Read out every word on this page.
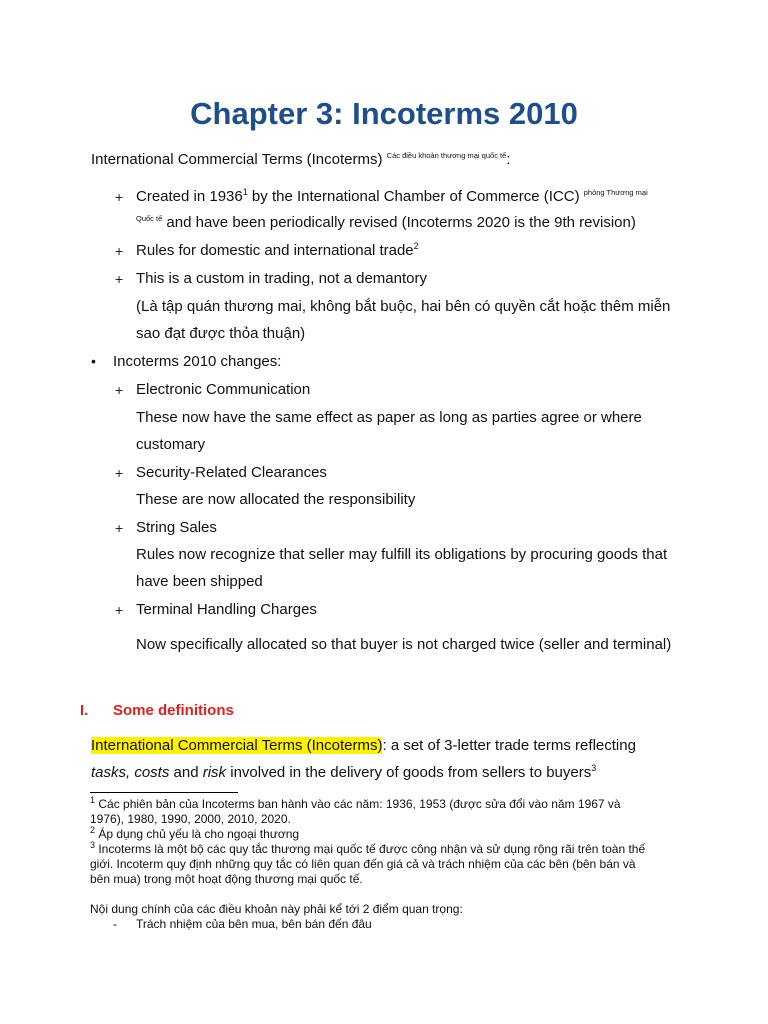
Chapter 3: Incoterms 2010
International Commercial Terms (Incoterms) $^{Các điều khoản thương mại quốc tế}$:
+ Created in 1936$^1$ by the International Chamber of Commerce (ICC) $^{phòng Thương mại}$
$^{Quốc tế}$ and have been periodically revised (Incoterms 2020 is the 9th revision)
+ Rules for domestic and international trade$^2$
+ This is a custom in trading, not a demantory
(Là tập quán thương mai, không bắt buộc, hai bên có quyền cắt hoặc thêm miễn
sao đạt được thỏa thuận)
• Incoterms 2010 changes:
+ Electronic Communication
These now have the same effect as paper as long as parties agree or where
customary
+ Security-Related Clearances
These are now allocated the responsibility
+ String Sales
Rules now recognize that seller may fulfill its obligations by procuring goods that
have been shipped
+ Terminal Handling Charges
Now specifically allocated so that buyer is not charged twice (seller and terminal)
I. Some definitions
International Commercial Terms (Incoterms): a set of 3-letter trade terms reflecting
tasks, costs and risk involved in the delivery of goods from sellers to buyers$^3$
$^1$ Các phiên bản của Incoterms ban hành vào các năm: 1936, 1953 (được sửa đổi vào năm 1967 và
1976), 1980, 1990, 2000, 2010, 2020.
$^2$ Áp dụng chủ yếu là cho ngoại thương
$^3$ Incoterms là một bộ các quy tắc thương mại quốc tế được công nhận và sử dụng rộng rãi trên toàn thế
giới. Incoterm quy định những quy tắc có liên quan đến giá cả và trách nhiệm của các bên (bên bán và
bên mua) trong một hoạt động thương mại quốc tế.
Nội dung chính của các điều khoản này phải kể tới 2 điểm quan trọng:
- Trách nhiệm của bên mua, bên bán đến đâu
